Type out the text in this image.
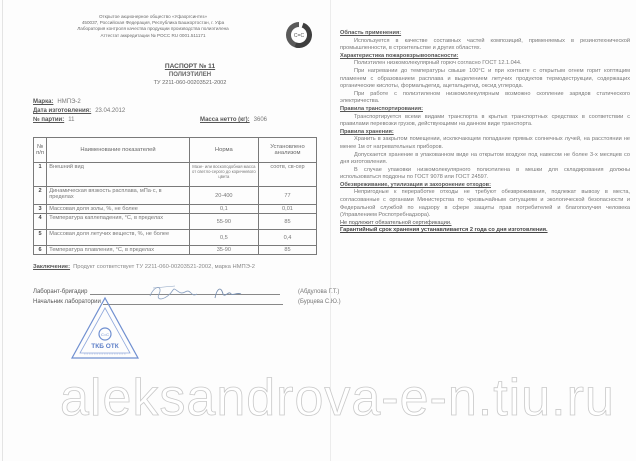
Открытое акционерное общество «Уфаоргсинтез»
450037, Российская Федерация, Республика Башкортостан, г. Уфа
Лаборатория контроля качества продукции производства полиэтилена
Аттестат аккредитации № РОСС RU 0001.511171	C=C
ПАСПОРТ № 11
ПОЛИЭТИЛЕН
ТУ 2211-060-00203521-2002
Марка: НМПЭ-2
Дата изготовления: 23.04.2012
№ партии: 11	Масса нетто (кг): 3606
№ п/п	Наименование показателей	Норма	Установлено анализом
1	Внешний вид	Мазе- или воскоподобная масса от светло-серого до коричневого цвета	соотв, св-сер
2	Динамическая вязкость расплава, мПа·с, в пределах	20-400	77
3	Массовая доля золы, %, не более	0,1	0,01
4	Температура каплепадения, °С, в пределах	55-90	85
5	Массовая доля летучих веществ, %, не более	0,5	0,4
6	Температура плавления, °С, в пределах	35-90	85
Заключение: Продукт соответствует ТУ 2211-060-00203521-2002, марка НМПЭ-2
Лаборант-бригадир	(Абдулова Г.Т.)
Начальник лаборатории	(Бурцева С.Ю.)
C=C
ТКБ ОТК
Область применения:

Используется в качестве составных частей композиций, применяемых в резинотехнической промышленности, в строительстве и других областях.

Характеристика пожаровзрывоопасности:

Полиэтилен низкомолекулярный горюч согласно ГОСТ 12.1.044.

При нагревании до температуры свыше 100°С и при контакте с открытым огнем горит коптящим пламенем с образованием расплава и выделением летучих продуктов термодеструкции, содержащих органические кислоты, формальдегид, ацетальдегид, оксид углерода.

При работе с полиэтиленом низкомолекулярным возможно скопление зарядов статического электричества.

Правила транспортирования:

Транспортируется всеми видами транспорта в крытых транспортных средствах в соответствии с правилами перевозки грузов, действующими на данном виде транспорта.

Правила хранения:

Хранить в закрытом помещении, исключающем попадание прямых солнечных лучей, на расстоянии не менее 1м от нагревательных приборов.

Допускается хранение в упакованном виде на открытом воздухе под навесом не более 3-х месяцев со дня изготовления.

В случае упаковки низкомолекулярного полиэтилена в мешки для складирования должны использоваться поддоны по ГОСТ 9078 или ГОСТ 24597.

Обезвреживание, утилизация и захоронение отходов:

Непригодные к переработке отходы не требуют обезвреживания, подлежат вывозу в места, согласованные с органами Министерства по чрезвычайным ситуациям и экологической безопасности и Федеральной службой по надзору в сфере защиты прав потребителей и благополучия человека (Управлением Роспотребнадзора).

Не подлежит обязательной сертификации.
Гарантийный срок хранения устанавливается 2 года со дня изготовления.
aleksandrova-e-n.tiu.ru
